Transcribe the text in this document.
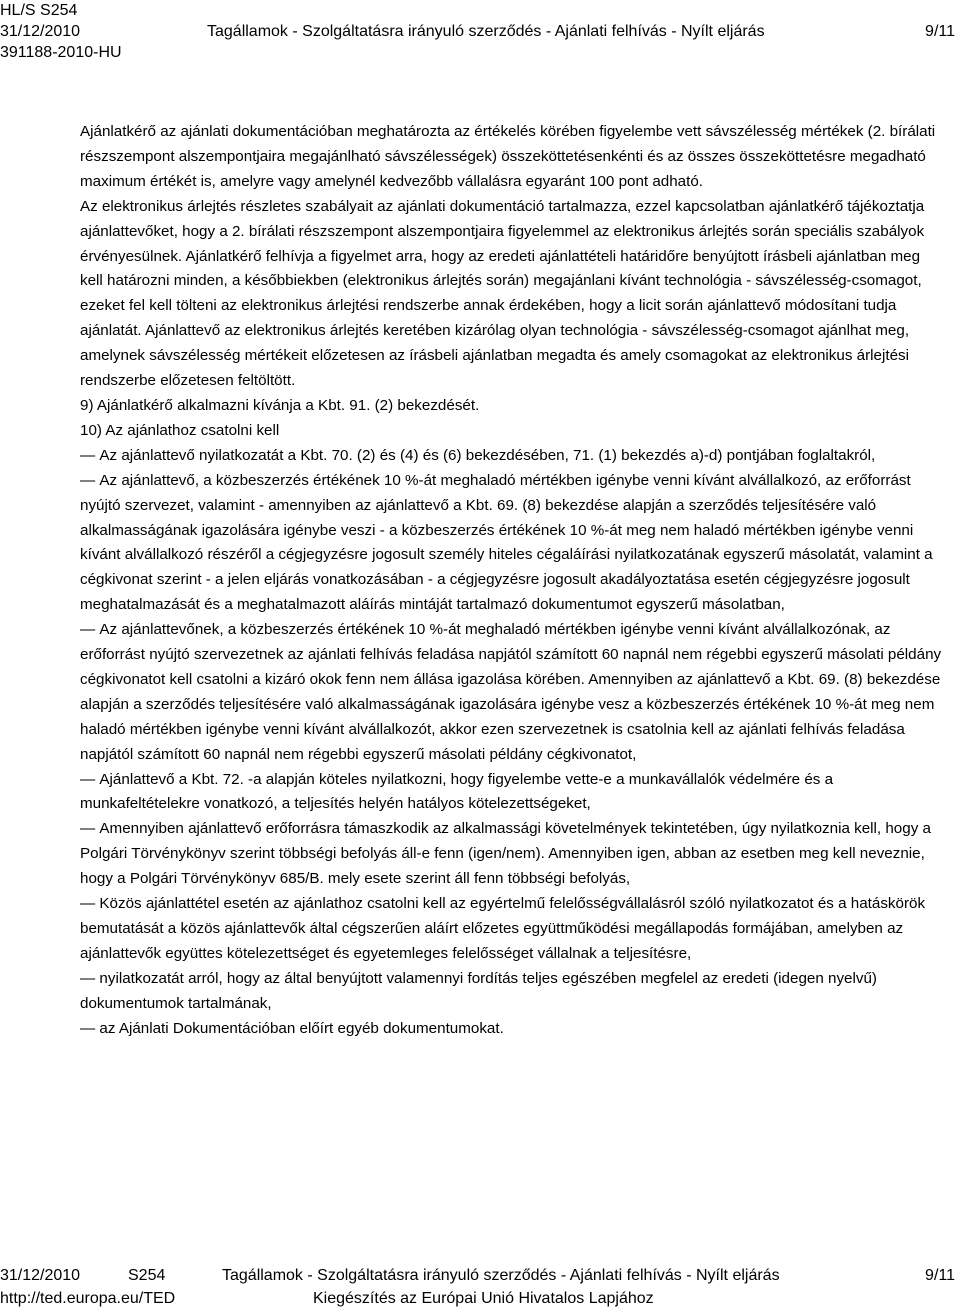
HL/S S254
31/12/2010
391188-2010-HU
Tagállamok - Szolgáltatásra irányuló szerződés - Ajánlati felhívás - Nyílt eljárás	9/11

Ajánlatkérő az ajánlati dokumentációban meghatározta az értékelés körében figyelembe vett sávszélesség mértékek (2. bírálati részszempont alszempontjaira megajánlható sávszélességek) összeköttetésenkénti és az összes összeköttetésre megadható maximum értékét is, amelyre vagy amelynél kedvezőbb vállalásra egyaránt 100 pont adható.

Az elektronikus árlejtés részletes szabályait az ajánlati dokumentáció tartalmazza, ezzel kapcsolatban ajánlatkérő tájékoztatja ajánlattevőket, hogy a 2. bírálati részszempont alszempontjaira figyelemmel az elektronikus árlejtés során speciális szabályok érvényesülnek. Ajánlatkérő felhívja a figyelmet arra, hogy az eredeti ajánlattételi határidőre benyújtott írásbeli ajánlatban meg kell határozni minden, a későbbiekben (elektronikus árlejtés során) megajánlani kívánt technológia - sávszélesség-csomagot, ezeket fel kell tölteni az elektronikus árlejtési rendszerbe annak érdekében, hogy a licit során ajánlattevő módosítani tudja ajánlatát. Ajánlattevő az elektronikus árlejtés keretében kizárólag olyan technológia - sávszélesség-csomagot ajánlhat meg, amelynek sávszélesség mértékeit előzetesen az írásbeli ajánlatban megadta és amely csomagokat az elektronikus árlejtési rendszerbe előzetesen feltöltött.

9) Ajánlatkérő alkalmazni kívánja a Kbt. 91. (2) bekezdését.

10) Az ajánlathoz csatolni kell

— Az ajánlattevő nyilatkozatát a Kbt. 70. (2) és (4) és (6) bekezdésében, 71. (1) bekezdés a)-d) pontjában foglaltakról,

— Az ajánlattevő, a közbeszerzés értékének 10 %-át meghaladó mértékben igénybe venni kívánt alvállalkozó, az erőforrást nyújtó szervezet, valamint - amennyiben az ajánlattevő a Kbt. 69. (8) bekezdése alapján a szerződés teljesítésére való alkalmasságának igazolására igénybe veszi - a közbeszerzés értékének 10 %-át meg nem haladó mértékben igénybe venni kívánt alvállalkozó részéről a cégjegyzésre jogosult személy hiteles cégaláírási nyilatkozatának egyszerű másolatát, valamint a cégkivonat szerint - a jelen eljárás vonatkozásában - a cégjegyzésre jogosult akadályoztatása esetén cégjegyzésre jogosult meghatalmazását és a meghatalmazott aláírás mintáját tartalmazó dokumentumot egyszerű másolatban,

— Az ajánlattevőnek, a közbeszerzés értékének 10 %-át meghaladó mértékben igénybe venni kívánt alvállalkozónak, az erőforrást nyújtó szervezetnek az ajánlati felhívás feladása napjától számított 60 napnál nem régebbi egyszerű másolati példány cégkivonatot kell csatolni a kizáró okok fenn nem állása igazolása körében. Amennyiben az ajánlattevő a Kbt. 69. (8) bekezdése alapján a szerződés teljesítésére való alkalmasságának igazolására igénybe vesz a közbeszerzés értékének 10 %-át meg nem haladó mértékben igénybe venni kívánt alvállalkozót, akkor ezen szervezetnek is csatolnia kell az ajánlati felhívás feladása napjától számított 60 napnál nem régebbi egyszerű másolati példány cégkivonatot,

— Ajánlattevő a Kbt. 72. -a alapján köteles nyilatkozni, hogy figyelembe vette-e a munkavállalók védelmére és a munkafeltételekre vonatkozó, a teljesítés helyén hatályos kötelezettségeket,

— Amennyiben ajánlattevő erőforrásra támaszkodik az alkalmassági követelmények tekintetében, úgy nyilatkoznia kell, hogy a Polgári Törvénykönyv szerint többségi befolyás áll-e fenn (igen/nem). Amennyiben igen, abban az esetben meg kell neveznie, hogy a Polgári Törvénykönyv 685/B. mely esete szerint áll fenn többségi befolyás,

— Közös ajánlattétel esetén az ajánlathoz csatolni kell az egyértelmű felelősségvállalásról szóló nyilatkozatot és a hatáskörök bemutatását a közös ajánlattevők által cégszerűen aláírt előzetes együttműködési megállapodás formájában, amelyben az ajánlattevők együttes kötelezettséget és egyetemleges felelősséget vállalnak a teljesítésre,

— nyilatkozatát arról, hogy az által benyújtott valamennyi fordítás teljes egészében megfelel az eredeti (idegen nyelvű) dokumentumok tartalmának,

— az Ajánlati Dokumentációban előírt egyéb dokumentumokat.

31/12/2010	S254	Tagállamok - Szolgáltatásra irányuló szerződés - Ajánlati felhívás - Nyílt eljárás	9/11
http://ted.europa.eu/TED	Kiegészítés az Európai Unió Hivatalos Lapjához
